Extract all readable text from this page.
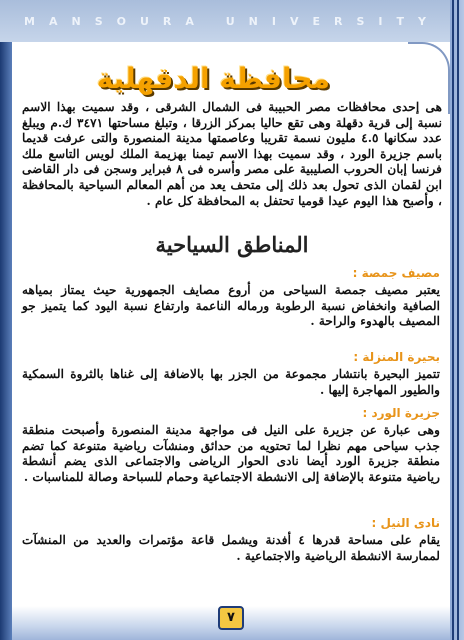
MANSOURA UNIVERSITY
محافظة الدقهلية

هى إحدى محافظات مصر الحبيبة فى الشمال الشرقى ، وقد سميت بهذا الاسم نسبة إلى قرية دقهلة وهى تقع حاليا بمركز الزرقا ، وتبلغ مساحتها ٣٤٧١ ك.م ويبلغ عدد سكانها ٤.٥ مليون نسمة تقريبا وعاصمتها مدينة المنصورة والتى عرفت قديما باسم جزيرة الورد ، وقد سميت بهذا الاسم تيمنا بهزيمة الملك لويس التاسع ملك فرنسا إبان الحروب الصليبية على مصر وأسره فى ٨ فبراير وسجن فى دار القاضى ابن لقمان الذى تحول بعد ذلك إلى متحف يعد من أهم المعالم السياحية بالمحافظة ، وأصبح هذا اليوم عيدا قوميا تحتفل به المحافظة كل عام .

المناطق السياحية

مصيف جمصة :

يعتبر مصيف جمصة السياحى من أروع مصايف الجمهورية حيث يمتاز بمياهه الصافية وانخفاض نسبة الرطوبة ورماله الناعمة وارتفاع نسبة اليود كما يتميز جو المصيف بالهدوء والراحة .

بحيرة المنزلة :

تتميز البحيرة بانتشار مجموعة من الجزر بها بالاضافة إلى غناها بالثروة السمكية والطيور المهاجرة إليها .

جزيرة الورد :

وهى عبارة عن جزيرة على النيل فى مواجهة مدينة المنصورة وأصبحت منطقة جذب سياحى مهم نظرا لما تحتويه من حدائق ومنشآت رياضية متنوعة كما تضم منطقة جزيرة الورد أيضا نادى الحوار الرياضى والاجتماعى الذى يضم أنشطة رياضية متنوعة بالإضافة إلى الانشطة الاجتماعية وحمام للسباحة وصالة للمناسبات .

نادى النيل :

يقام على مساحة قدرها ٤ أفدنة ويشمل قاعة مؤتمرات والعديد من المنشآت لممارسة الانشطة الرياضية والاجتماعية .

٧
